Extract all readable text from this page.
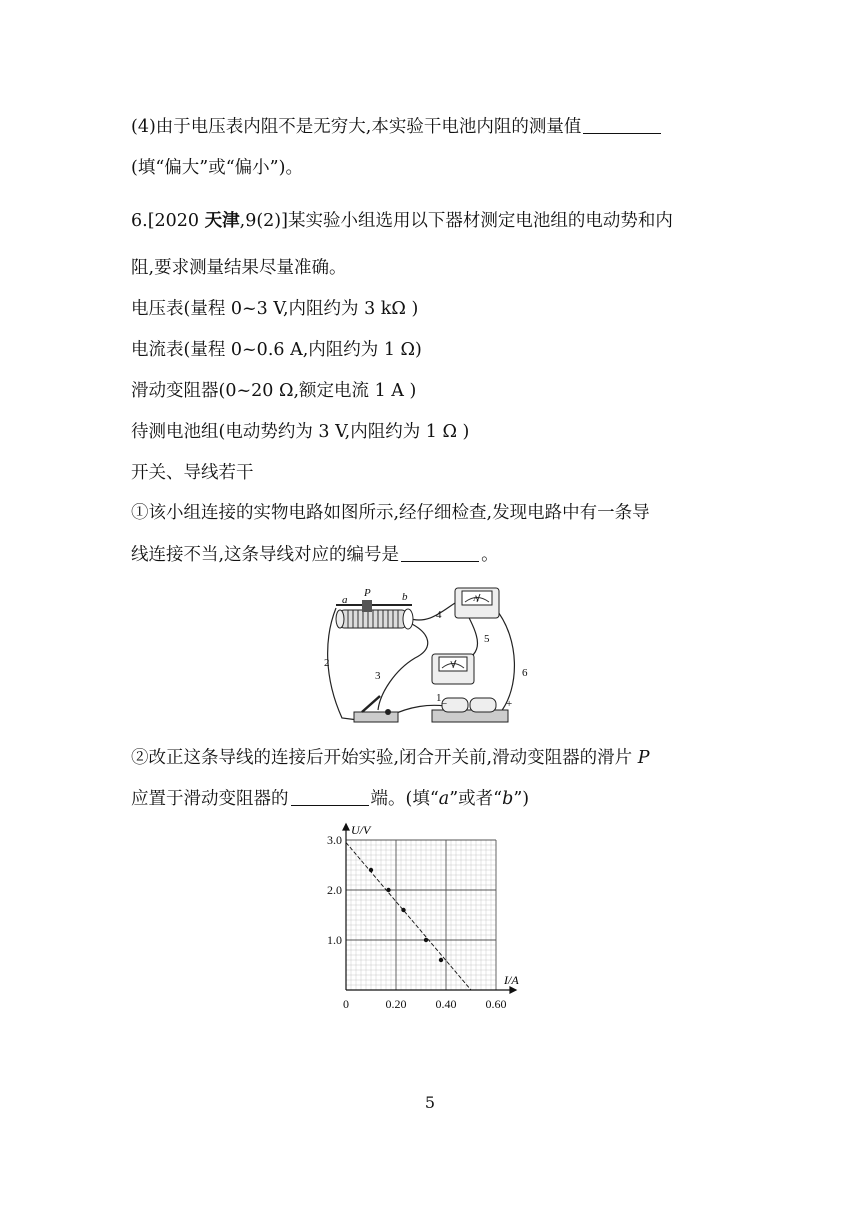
(4)由于电压表内阻不是无穷大,本实验干电池内阻的测量值
(填“偏大”或“偏小”)。
6.[2020 天津,9(2)]某实验小组选用以下器材测定电池组的电动势和内
阻,要求测量结果尽量准确。
电压表(量程 0~3 V,内阻约为 3 kΩ )
电流表(量程 0~0.6 A,内阻约为 1 Ω)
滑动变阻器(0~20 Ω,额定电流 1 A )
待测电池组(电动势约为 3 V,内阻约为 1 Ω )
开关、导线若干
①该小组连接的实物电路如图所示,经仔细检查,发现电路中有一条导
线连接不当,这条导线对应的编号是	。
P
a	b	A
V
−	+
1
2
3
4
5
6
②改正这条导线的连接后开始实验,闭合开关前,滑动变阻器的滑片 P
应置于滑动变阻器的	端。(填“a”或者“b”)
0	0.20 0.40 0.60
1.0
2.0
3.0
U/V
I/A
5
